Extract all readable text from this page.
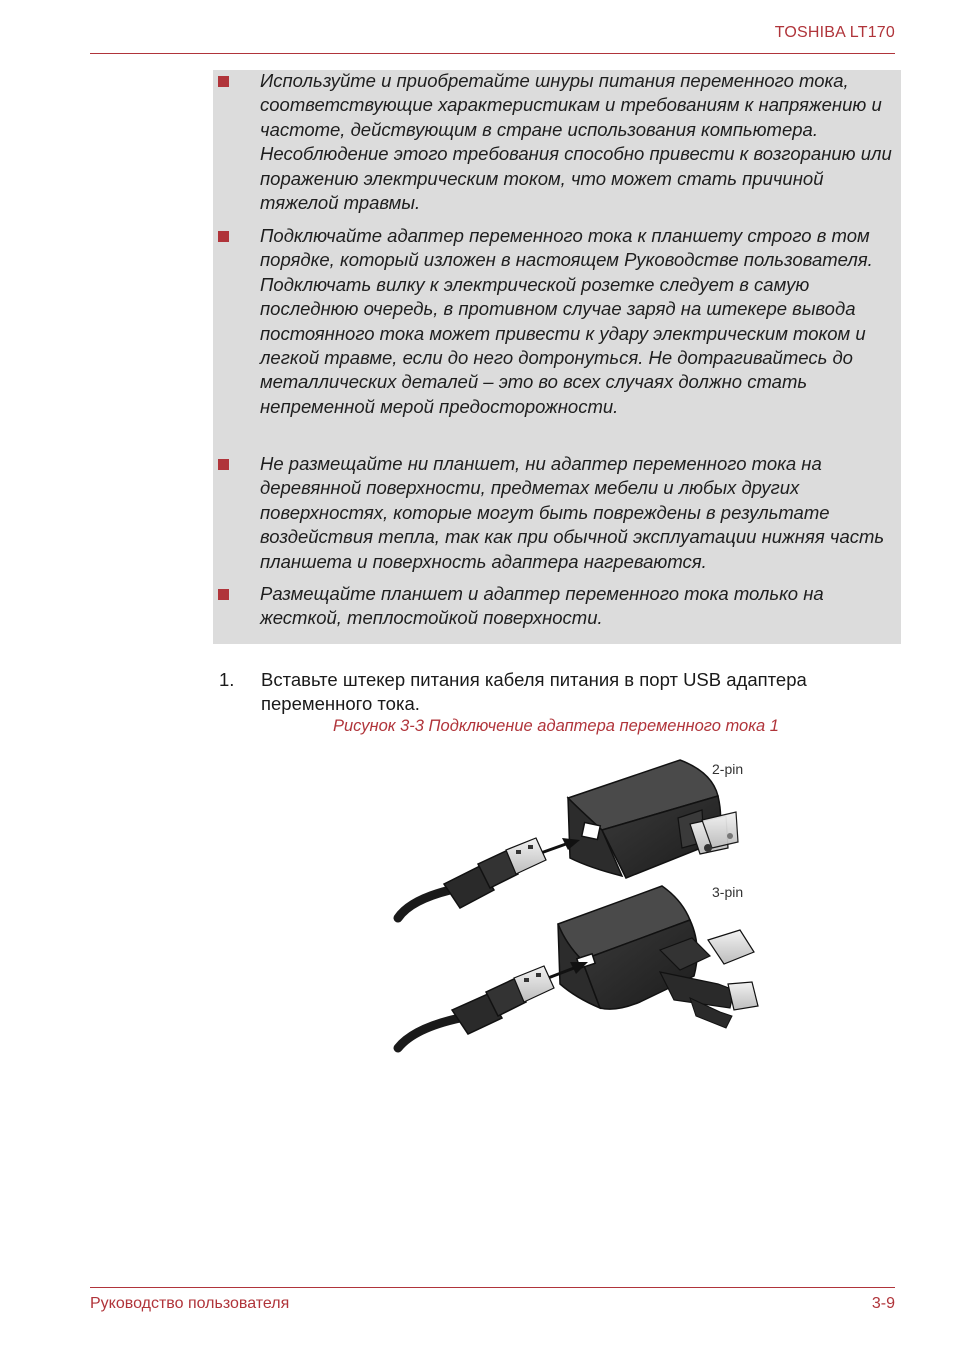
TOSHIBA LT170
Используйте и приобретайте шнуры питания переменного тока, соответствующие характеристикам и требованиям к напряжению и частоте, действующим в стране использования компьютера. Несоблюдение этого требования способно привести к возгоранию или поражению электрическим током, что может стать причиной тяжелой травмы.
Подключайте адаптер переменного тока к планшету строго в том порядке, который изложен в настоящем Руководстве пользователя. Подключать вилку к электрической розетке следует в самую последнюю очередь, в противном случае заряд на штекере вывода постоянного тока может привести к удару электрическим током и легкой травме, если до него дотронуться. Не дотрагивайтесь до металлических деталей – это во всех случаях должно стать непременной мерой предосторожности.
Не размещайте ни планшет, ни адаптер переменного тока на деревянной поверхности, предметах мебели и любых других поверхностях, которые могут быть повреждены в результате воздействия тепла, так как при обычной эксплуатации нижняя часть планшета и поверхность адаптера нагреваются.
Размещайте планшет и адаптер переменного тока только на жесткой, теплостойкой поверхности.
1. Вставьте штекер питания кабеля питания в порт USB адаптера переменного тока.
Рисунок 3-3 Подключение адаптера переменного тока 1
2-pin
3-pin
Руководство пользователя	3-9
